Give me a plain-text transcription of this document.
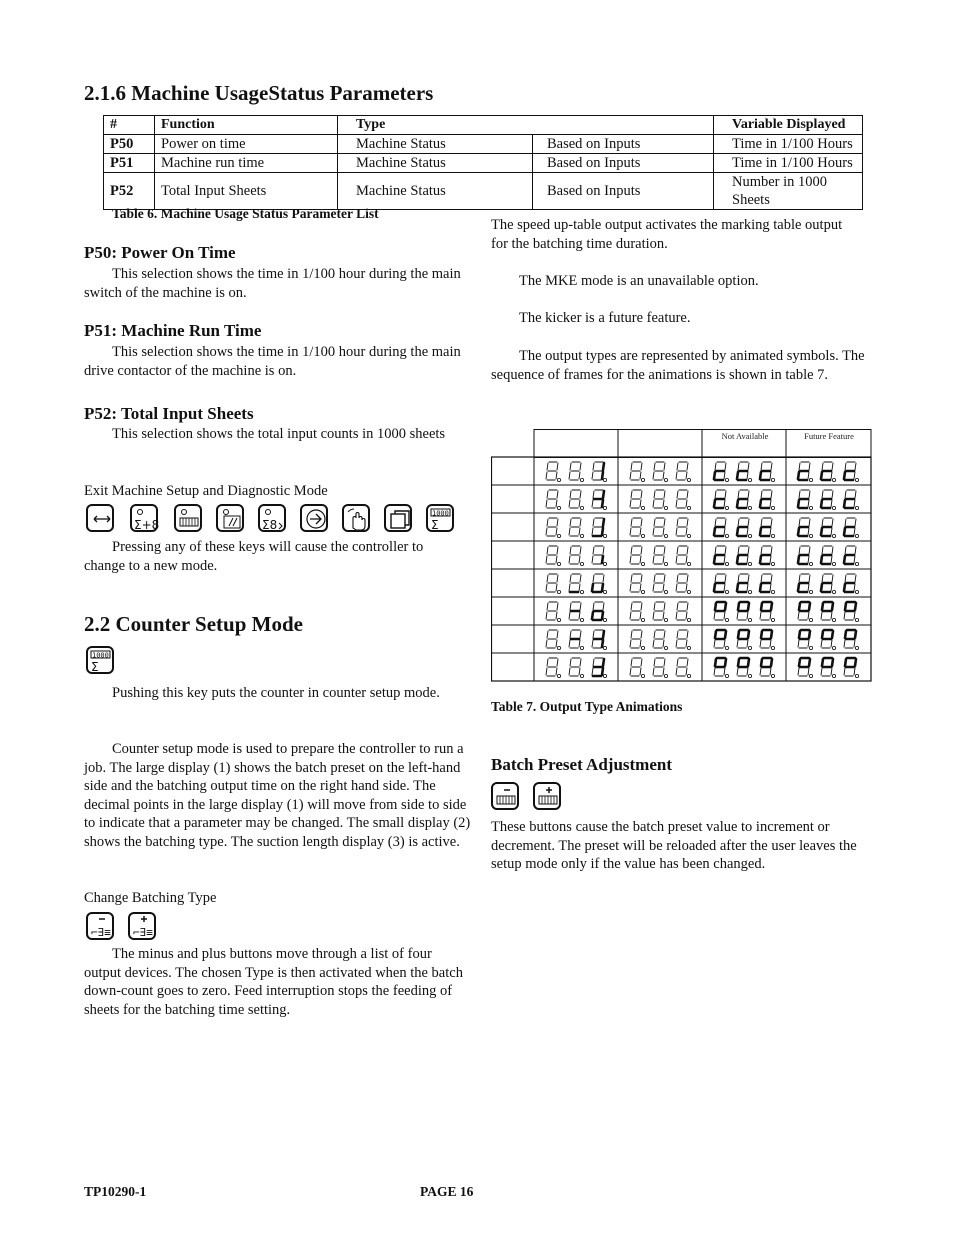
2.1.6 Machine UsageStatus Parameters
#	Function	Type		Variable Displayed
P50	Power on time	Machine Status	Based on Inputs	Time in 1/100 Hours
P51	Machine run time	Machine Status	Based on Inputs	Time in 1/100 Hours
P52	Total Input Sheets	Machine Status	Based on Inputs	Number in 1000 Sheets
Table 6. Machine Usage Status Parameter List
P50: Power On Time

This selection shows the time in 1/100 hour during the main switch of the machine is on.

P51: Machine Run Time

This selection shows the time in 1/100 hour during the main drive contactor of the machine is on.

P52: Total Input Sheets

This selection shows the total input counts in 1000 sheets

Exit Machine Setup and Diagnostic Mode
Σ+8	Σ8
1000
Σ

Pressing any of these keys will cause the controller to change to a new mode.

2.2 Counter Setup Mode
1000
Σ

Pushing this key puts the counter in counter setup mode.

Counter setup mode is used to prepare the controller to run a job. The large display (1) shows the batch preset on the left-hand side and the batching output time on the right hand side. The decimal points in the large display (1) will move from side to side to indicate that a parameter may be changed. The small display (2) shows the batching type. The suction length display (3) is active.

Change Batching Type
⌐∃≡ ⌐∃≡

The minus and plus buttons move through a list of four output devices. The chosen Type is then activated when the batch down-count goes to zero. Feed interruption stops the feeding of sheets for the batching time setting.

The speed up-table output activates the marking table output for the batching time duration.

The MKE mode is an unavailable option.

The kicker is a future feature.

The output types are represented by animated symbols. The sequence of frames for the animations is shown in table 7.

Not Available	Future Feature
Table 7. Output Type Animations
Batch Preset Adjustment

These buttons cause the batch preset value to increment or decrement. The preset will be reloaded after the user leaves the setup mode only if the value has been changed.

TP10290-1	PAGE 16
